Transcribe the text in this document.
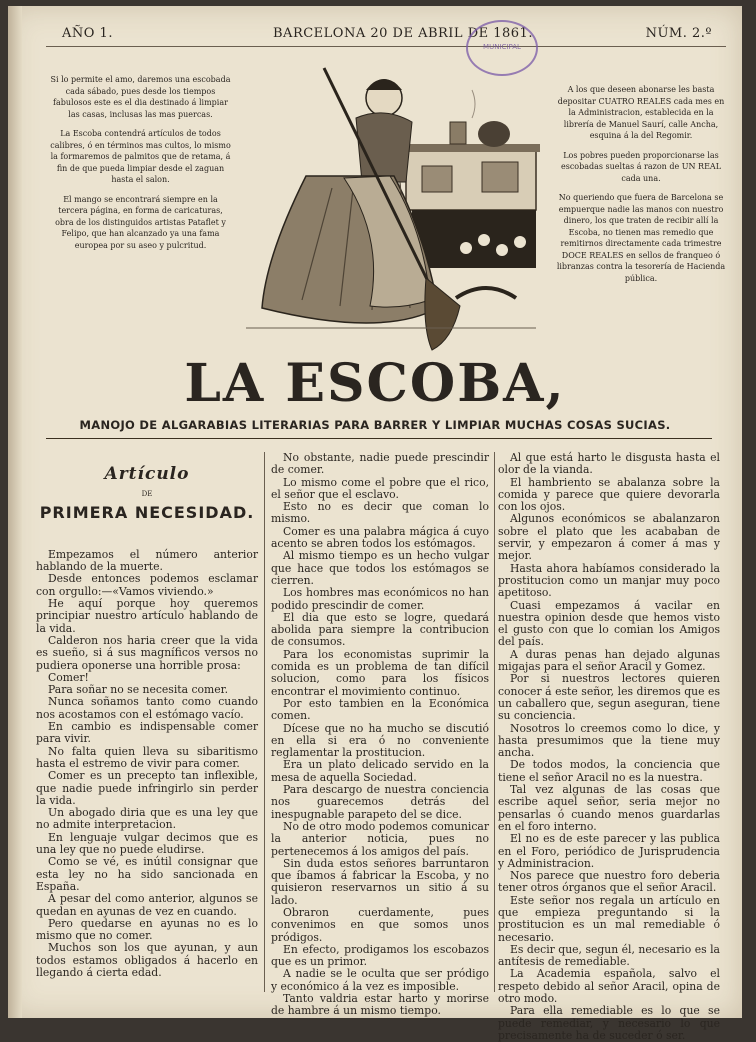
AÑO 1.	BARCELONA 20 DE ABRIL DE 1861.	NÚM. 2.º
MUNICIPAL

Si lo permite el amo, daremos una escobada cada sábado, pues desde los tiempos fabulosos este es el dia destinado á limpiar las casas, inclusas las mas puercas.

La Escoba contendrá artículos de todos calibres, ó en términos mas cultos, lo mismo la formaremos de palmitos que de retama, á fin de que pueda limpiar desde el zaguan hasta el salon.

El mango se encontrará siempre en la tercera página, en forma de caricaturas, obra de los distinguidos artistas Pataflet y Felipo, que han alcanzado ya una fama europea por su aseo y pulcritud.

A los que deseen abonarse les basta depositar CUATRO REALES cada mes en la Administracion, establecida en la librería de Manuel Saurí, calle Ancha, esquina á la del Regomir.

Los pobres pueden proporcionarse las escobadas sueltas á razon de UN REAL cada una.

No queriendo que fuera de Barcelona se empuerque nadie las manos con nuestro dinero, los que traten de recibir allí la Escoba, no tienen mas remedio que remitirnos directamente cada trimestre DOCE REALES en sellos de franqueo ó libranzas contra la tesorería de Hacienda pública.

LA ESCOBA,
MANOJO DE ALGARABIAS LITERARIAS PARA BARRER Y LIMPIAR MUCHAS COSAS SUCIAS.
Artículo
DE
PRIMERA NECESIDAD.

Empezamos el número anterior hablando de la muerte.

Desde entonces podemos esclamar con orgullo:—«Vamos viviendo.»

He aquí porque hoy queremos principiar nuestro artículo hablando de la vida.

Calderon nos haria creer que la vida es sueño, si á sus magníficos versos no pudiera oponerse una horrible prosa:

Comer!

Para soñar no se necesita comer.

Nunca soñamos tanto como cuando nos acostamos con el estómago vacío.

En cambio es indispensable comer para vivir.

No falta quien lleva su sibaritismo hasta el estremo de vivir para comer.

Comer es un precepto tan inflexible, que nadie puede infringirlo sin perder la vida.

Un abogado diria que es una ley que no admite interpretacion.

En lenguaje vulgar decimos que es una ley que no puede eludirse.

Como se vé, es inútil consignar que esta ley no ha sido sancionada en España.

A pesar del como anterior, algunos se quedan en ayunas de vez en cuando.

Pero quedarse en ayunas no es lo mismo que no comer.

Muchos son los que ayunan, y aun todos estamos obligados á hacerlo en llegando á cierta edad.

No obstante, nadie puede prescindir de comer.

Lo mismo come el pobre que el rico, el señor que el esclavo.

Esto no es decir que coman lo mismo.

Comer es una palabra mágica á cuyo acento se abren todos los estómagos.

Al mismo tiempo es un hecho vulgar que hace que todos los estómagos se cierren.

Los hombres mas económicos no han podido prescindir de comer.

El dia que esto se logre, quedará abolida para siempre la contribucion de consumos.

Para los economistas suprimir la comida es un problema de tan difícil solucion, como para los físicos encontrar el movimiento continuo.

Por esto tambien en la Económica comen.

Dícese que no ha mucho se discutió en ella si era ó no conveniente reglamentar la prostitucion.

Era un plato delicado servido en la mesa de aquella Sociedad.

Para descargo de nuestra conciencia nos guarecemos detrás del inespugnable parapeto del se dice.

No de otro modo podemos comunicar la anterior noticia, pues no pertenecemos á los amigos del país.

Sin duda estos señores barruntaron que íbamos á fabricar la Escoba, y no quisieron reservarnos un sitio á su lado.

Obraron cuerdamente, pues convenimos en que somos unos pródigos.

En efecto, prodigamos los escobazos que es un primor.

A nadie se le oculta que ser pródigo y económico á la vez es imposible.

Tanto valdria estar harto y morirse de hambre á un mismo tiempo.

Al que está harto le disgusta hasta el olor de la vianda.

El hambriento se abalanza sobre la comida y parece que quiere devorarla con los ojos.

Algunos económicos se abalanzaron sobre el plato que les acababan de servir, y empezaron á comer á mas y mejor.

Hasta ahora habíamos considerado la prostitucion como un manjar muy poco apetitoso.

Cuasi empezamos á vacilar en nuestra opinion desde que hemos visto el gusto con que lo comian los Amigos del país.

A duras penas han dejado algunas migajas para el señor Aracil y Gomez.

Por si nuestros lectores quieren conocer á este señor, les diremos que es un caballero que, segun aseguran, tiene su conciencia.

Nosotros lo creemos como lo dice, y hasta presumimos que la tiene muy ancha.

De todos modos, la conciencia que tiene el señor Aracil no es la nuestra.

Tal vez algunas de las cosas que escribe aquel señor, seria mejor no pensarlas ó cuando menos guardarlas en el foro interno.

El no es de este parecer y las publica en el Foro, periódico de Jurisprudencia y Administracion.

Nos parece que nuestro foro deberia tener otros órganos que el señor Aracil.

Este señor nos regala un artículo en que empieza preguntando si la prostitucion es un mal remediable ó necesario.

Es decir que, segun él, necesario es la antítesis de remediable.

La Academia española, salvo el respeto debido al señor Aracil, opina de otro modo.

Para ella remediable es lo que se puede remediar, y necesario lo que precisamente ha de suceder ó ser.
